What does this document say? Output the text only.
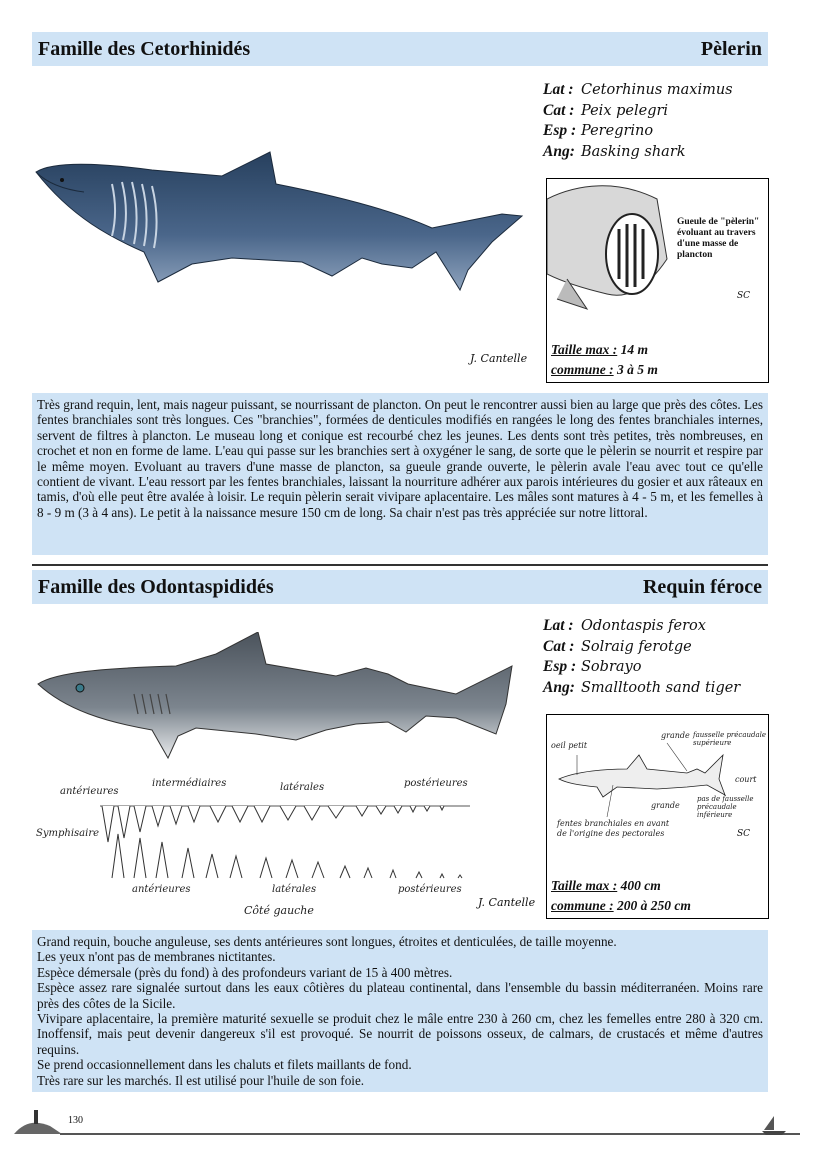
Famille des Cetorhinidés	Pèlerin
J. Cantelle
Lat : Cetorhinus maximus
Cat : Peix pelegri
Esp : Peregrino
Ang: Basking shark
Gueule de "pèlerin" évoluant au travers d'une masse de plancton
SC
Taille max : 14 m
commune : 3 à 5 m

Très grand requin, lent, mais nageur puissant, se nourrissant de plancton. On peut le rencontrer aussi bien au large que près des côtes. Les fentes branchiales sont très longues. Ces "branchies", formées de denticules modifiés en rangées le long des fentes branchiales internes, servent de filtres à plancton. Le museau long et conique est recourbé chez les jeunes. Les dents sont très petites, très nombreuses, en crochet et non en forme de lame. L'eau qui passe sur les branchies sert à oxygéner le sang, de sorte que le pèlerin se nourrit et respire par le même moyen. Evoluant au travers d'une masse de plancton, sa gueule grande ouverte, le pèlerin avale l'eau avec tout ce qu'elle contient de vivant. L'eau ressort par les fentes branchiales, laissant la nourriture adhérer aux parois intérieures du gosier et aux râteaux en tamis, d'où elle peut être avalée à loisir. Le requin pèlerin serait vivipare aplacentaire. Les mâles sont matures à 4 - 5 m, et les femelles à 8 - 9 m (3 à 4 ans). Le petit à la naissance mesure 150 cm de long. Sa chair n'est pas très appréciée sur notre littoral.

Famille des Odontaspididés	Requin féroce
antérieures
intermédiaires	latérales	postérieures
Symphisaire
antérieures	latérales	postérieures
Côté gauche
J. Cantelle
Lat : Odontaspis ferox
Cat : Solraig ferotge
Esp : Sobrayo
Ang: Smalltooth sand tiger
oeil petit
grande fausselle précaudale supérieure
court
grande
pas de fausselle précaudale inférieure
fentes branchiales en avant de l'origine des pectorales	SC
Taille max : 400 cm
commune : 200 à 250 cm

Grand requin, bouche anguleuse, ses dents antérieures sont longues, étroites et denticulées, de taille moyenne.

Les yeux n'ont pas de membranes nictitantes.

Espèce démersale (près du fond) à des profondeurs variant de 15 à 400 mètres.

Espèce assez rare signalée surtout dans les eaux côtières du plateau continental, dans l'ensemble du bassin méditerranéen. Moins rare près des côtes de la Sicile.

Vivipare aplacentaire, la première maturité sexuelle se produit chez le mâle entre 230 à 260 cm, chez les femelles entre 280 à 320 cm. Inoffensif, mais peut devenir dangereux s'il est provoqué. Se nourrit de poissons osseux, de calmars, de crustacés et même d'autres requins.

Se prend occasionnellement dans les chaluts et filets maillants de fond.

Très rare sur les marchés. Il est utilisé pour l'huile de son foie.

130
